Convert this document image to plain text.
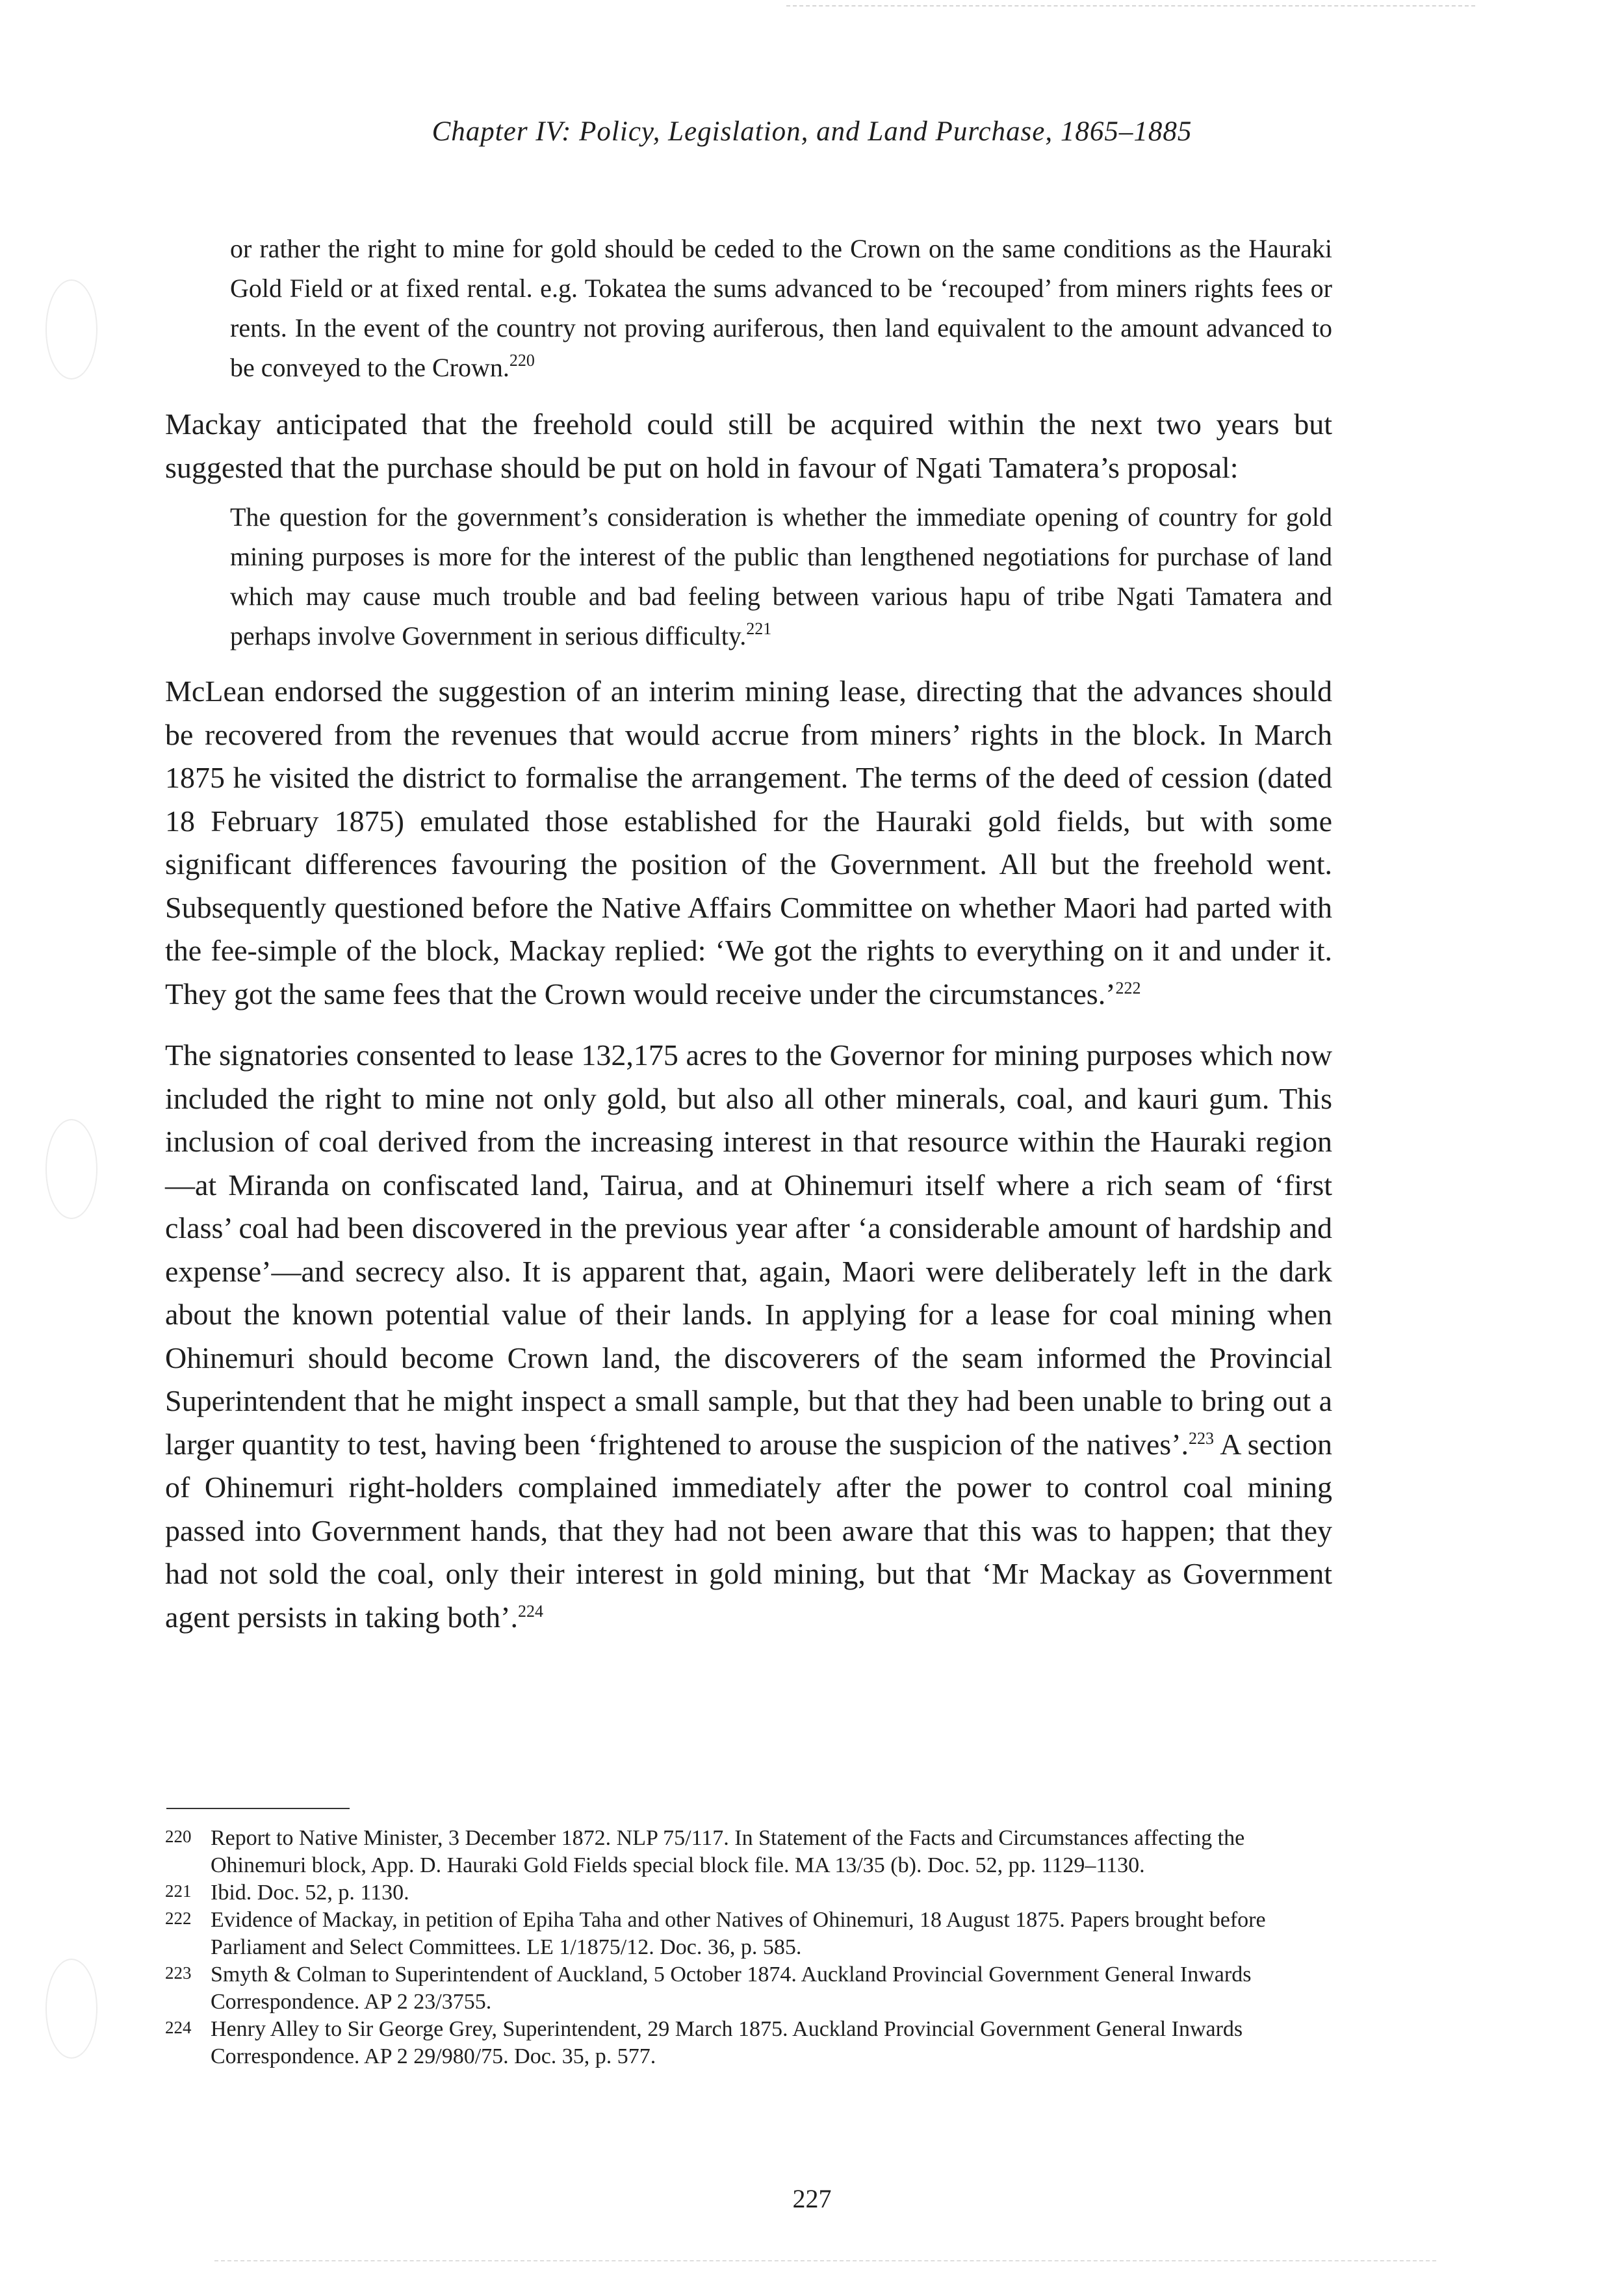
Chapter IV: Policy, Legislation, and Land Purchase, 1865–1885

or rather the right to mine for gold should be ceded to the Crown on the same conditions as the Hauraki Gold Field or at fixed rental. e.g. Tokatea the sums advanced to be ‘recouped’ from miners rights fees or rents. In the event of the country not proving auriferous, then land equivalent to the amount advanced to be conveyed to the Crown.$^{220}$

Mackay anticipated that the freehold could still be acquired within the next two years but suggested that the purchase should be put on hold in favour of Ngati Tamatera’s proposal:

The question for the government’s consideration is whether the immediate opening of country for gold mining purposes is more for the interest of the public than lengthened negotiations for purchase of land which may cause much trouble and bad feeling between various hapu of tribe Ngati Tamatera and perhaps involve Government in serious difficulty.$^{221}$

McLean endorsed the suggestion of an interim mining lease, directing that the advances should be recovered from the revenues that would accrue from miners’ rights in the block. In March 1875 he visited the district to formalise the arrangement. The terms of the deed of cession (dated 18 February 1875) emulated those established for the Hauraki gold fields, but with some significant differences favouring the position of the Government. All but the freehold went. Subsequently questioned before the Native Affairs Committee on whether Maori had parted with the fee-simple of the block, Mackay replied: ‘We got the rights to everything on it and under it. They got the same fees that the Crown would receive under the circumstances.’$^{222}$

The signatories consented to lease 132,175 acres to the Governor for mining purposes which now included the right to mine not only gold, but also all other minerals, coal, and kauri gum. This inclusion of coal derived from the increasing interest in that resource within the Hauraki region—at Miranda on confiscated land, Tairua, and at Ohinemuri itself where a rich seam of ‘first class’ coal had been discovered in the previous year after ‘a considerable amount of hardship and expense’—and secrecy also. It is apparent that, again, Maori were deliberately left in the dark about the known potential value of their lands. In applying for a lease for coal mining when Ohinemuri should become Crown land, the discoverers of the seam informed the Provincial Superintendent that he might inspect a small sample, but that they had been unable to bring out a larger quantity to test, having been ‘frightened to arouse the suspicion of the natives’.$^{223}$ A section of Ohinemuri right-holders complained immediately after the power to control coal mining passed into Government hands, that they had not been aware that this was to happen; that they had not sold the coal, only their interest in gold mining, but that ‘Mr Mackay as Government agent persists in taking both’.$^{224}$

220 Report to Native Minister, 3 December 1872. NLP 75/117. In Statement of the Facts and Circumstances affecting the Ohinemuri block, App. D. Hauraki Gold Fields special block file. MA 13/35 (b). Doc. 52, pp. 1129–1130.
221 Ibid. Doc. 52, p. 1130.
222 Evidence of Mackay, in petition of Epiha Taha and other Natives of Ohinemuri, 18 August 1875. Papers brought before Parliament and Select Committees. LE 1/1875/12. Doc. 36, p. 585.
223 Smyth & Colman to Superintendent of Auckland, 5 October 1874. Auckland Provincial Government General Inwards Correspondence. AP 2 23/3755.
224 Henry Alley to Sir George Grey, Superintendent, 29 March 1875. Auckland Provincial Government General Inwards Correspondence. AP 2 29/980/75. Doc. 35, p. 577.
227
